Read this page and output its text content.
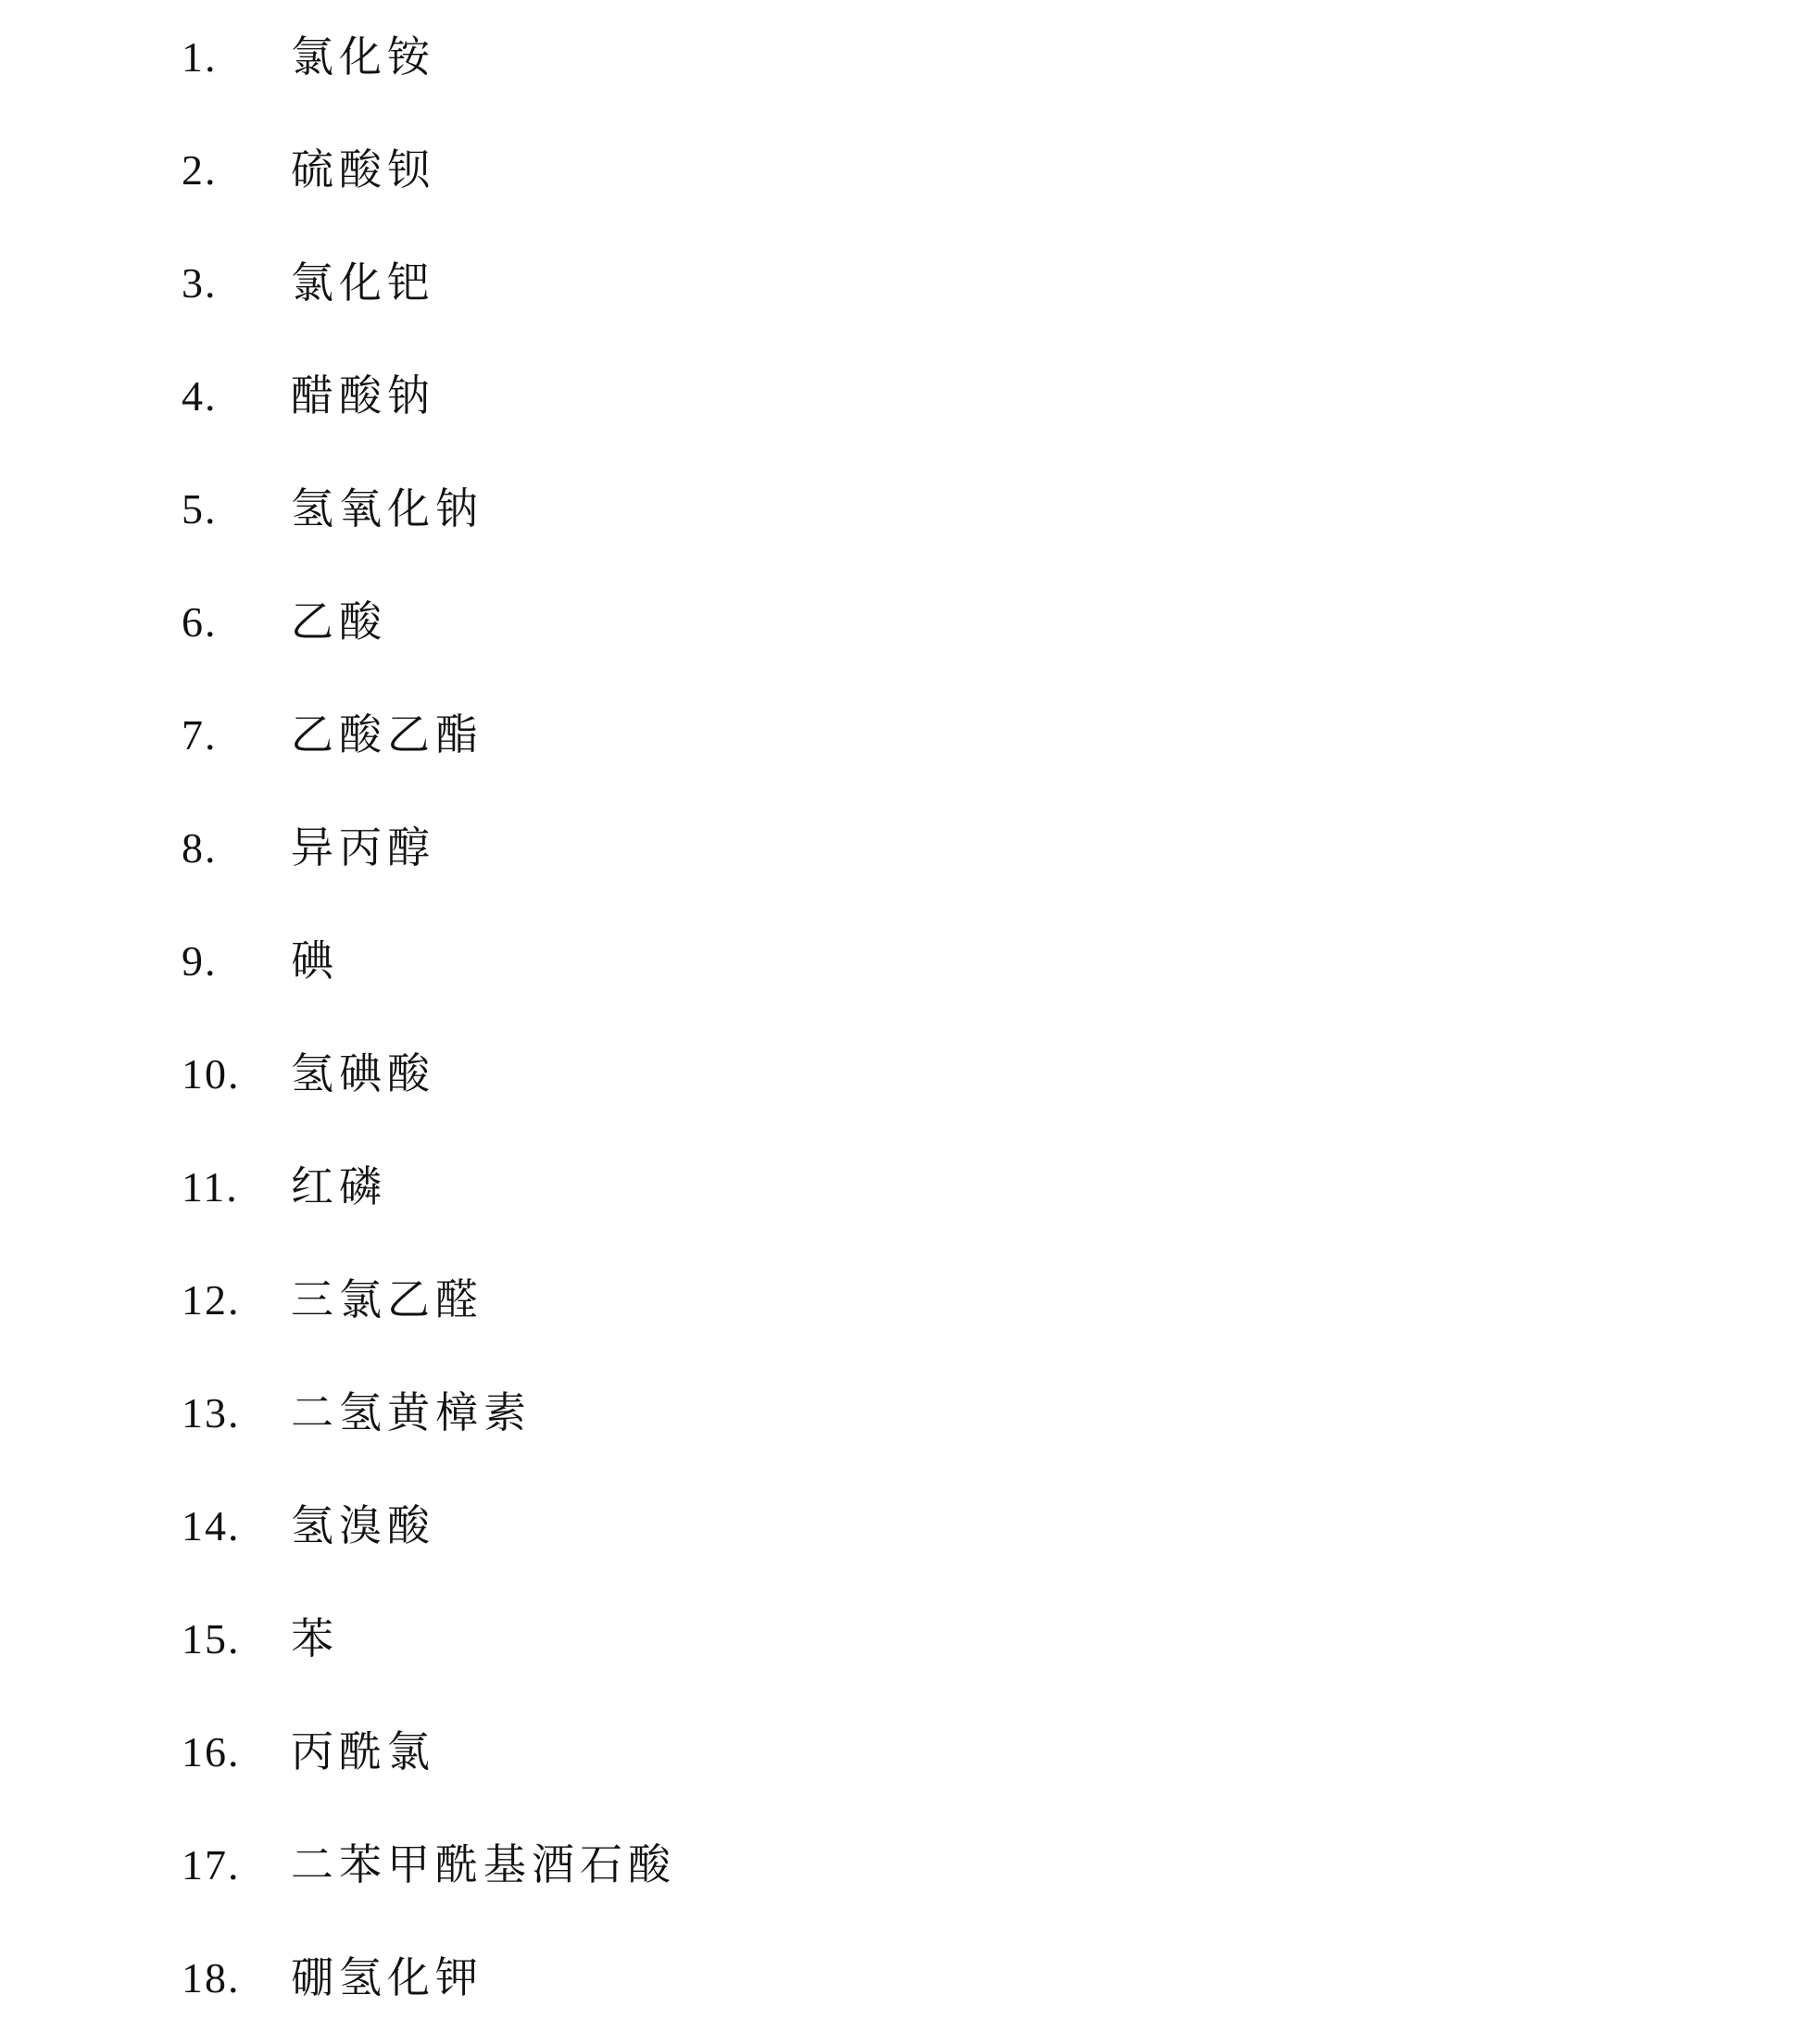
1.	氯化铵
2.	硫酸钡
3.	氯化钯
4.	醋酸钠
5.	氢氧化钠
6.	乙酸
7.	乙酸乙酯
8.	异丙醇
9.	碘
10.	氢碘酸
11.	红磷
12.	三氯乙醛
13.	二氢黄樟素
14.	氢溴酸
15.	苯
16.	丙酰氯
17.	二苯甲酰基酒石酸
18.	硼氢化钾
